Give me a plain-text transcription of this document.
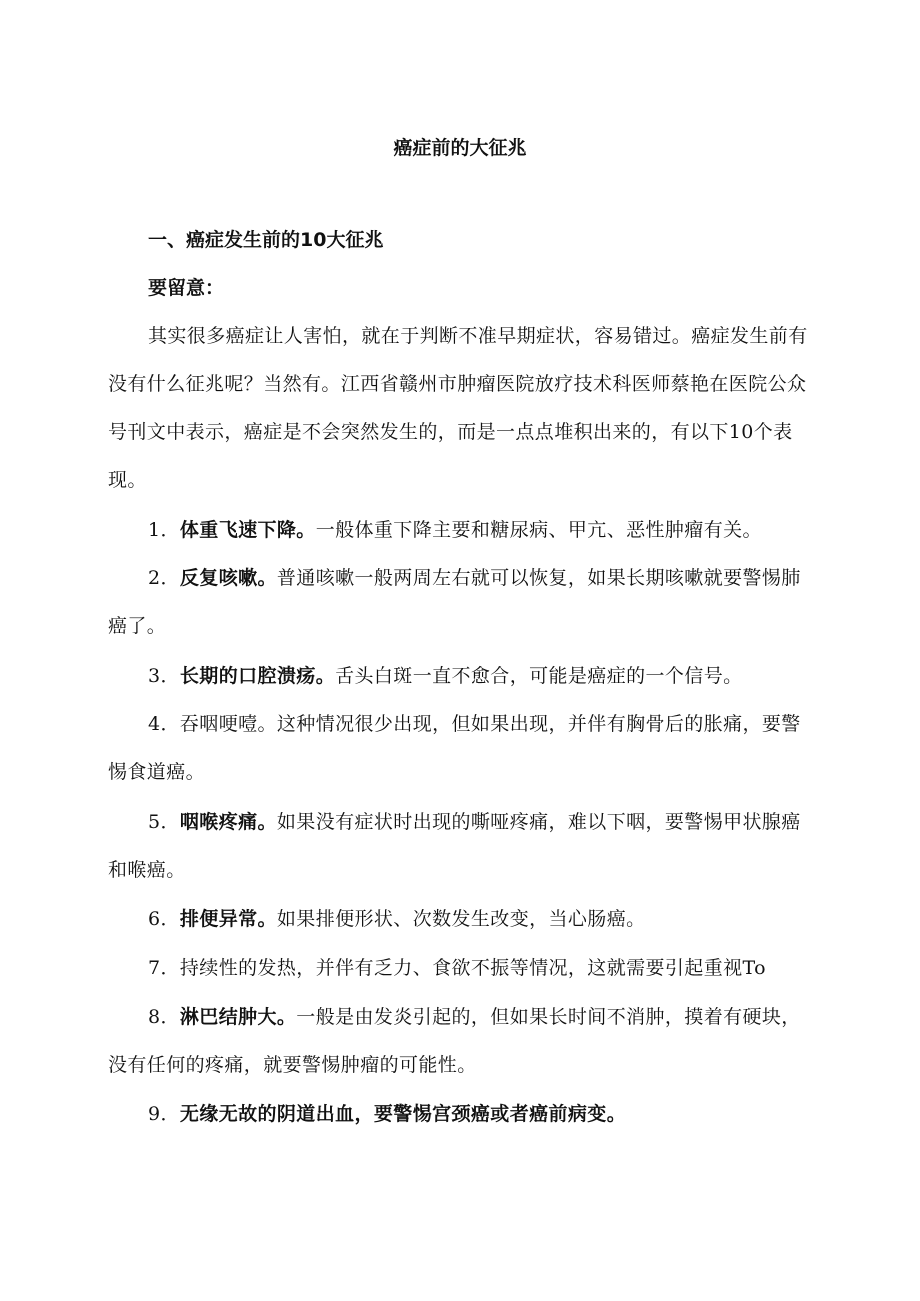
癌症前的大征兆
一、癌症发生前的10大征兆
要留意：
其实很多癌症让人害怕，就在于判断不准早期症状，容易错过。癌症发生前有没有什么征兆呢？当然有。江西省赣州市肿瘤医院放疗技术科医师蔡艳在医院公众号刊文中表示，癌症是不会突然发生的，而是一点点堆积出来的，有以下10个表现。
1．体重飞速下降。一般体重下降主要和糖尿病、甲亢、恶性肿瘤有关。
2．反复咳嗽。普通咳嗽一般两周左右就可以恢复，如果长期咳嗽就要警惕肺癌了。
3．长期的口腔溃疡。舌头白斑一直不愈合，可能是癌症的一个信号。
4．吞咽哽噎。这种情况很少出现，但如果出现，并伴有胸骨后的胀痛，要警惕食道癌。
5．咽喉疼痛。如果没有症状时出现的嘶哑疼痛，难以下咽，要警惕甲状腺癌和喉癌。
6．排便异常。如果排便形状、次数发生改变，当心肠癌。
7．持续性的发热，并伴有乏力、食欲不振等情况，这就需要引起重视To
8．淋巴结肿大。一般是由发炎引起的，但如果长时间不消肿，摸着有硬块，没有任何的疼痛，就要警惕肿瘤的可能性。
9．无缘无故的阴道出血，要警惕宫颈癌或者癌前病变。
